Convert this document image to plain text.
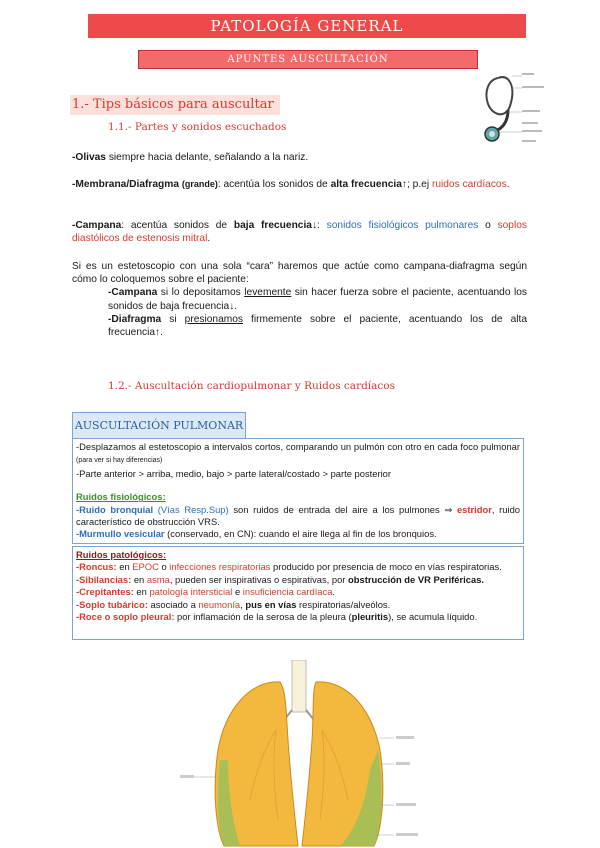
PATOLOGÍA GENERAL
APUNTES AUSCULTACIÓN
1.- Tips básicos para auscultar
1.1.- Partes y sonidos escuchados
-Olivas siempre hacia delante, señalando a la nariz.
-Membrana/Diafragma (grande): acentúa los sonidos de alta frecuencia↑; p.ej ruidos cardíacos.
-Campana: acentúa sonidos de baja frecuencia↓: sonidos fisiológicos pulmonares o soplos diastólicos de estenosis mitral.
Si es un estetoscopio con una sola “cara” haremos que actúe como campana-diafragma según cómo lo coloquemos sobre el paciente:
-Campana si lo depositamos levemente sin hacer fuerza sobre el paciente, acentuando los sonidos de baja frecuencia↓.
-Diafragma si presionamos firmemente sobre el paciente, acentuando los de alta frecuencia↑.
1.2.- Auscultación cardiopulmonar y Ruidos cardíacos
AUSCULTACIÓN PULMONAR
-Desplazamos al estetoscopio a intervalos cortos, comparando un pulmón con otro en cada foco pulmonar (para ver si hay diferencias)
-Parte anterior > arriba, medio, bajo > parte lateral/costado > parte posterior
Ruidos fisiológicos:
-Ruido bronquial (Vías Resp.Sup) son ruidos de entrada del aire a los pulmones ⇒ estridor, ruido característico de obstrucción VRS.
-Murmullo vesicular (conservado, en CN): cuando el aire llega al fin de los bronquios.
Ruidos patológicos:
-Roncus: en EPOC o infecciones respiratorias producido por presencia de moco en vías respiratorias.
-Sibilancias: en asma, pueden ser inspirativas o espirativas, por obstrucción de VR Periféricas.
-Crepitantes: en patología intersticial e insuficiencia cardíaca.
-Soplo tubárico: asociado a neumonía, pus en vías respiratorias/alveólos.
-Roce o soplo pleural: por inflamación de la serosa de la pleura (pleuritis), se acumula líquido.
